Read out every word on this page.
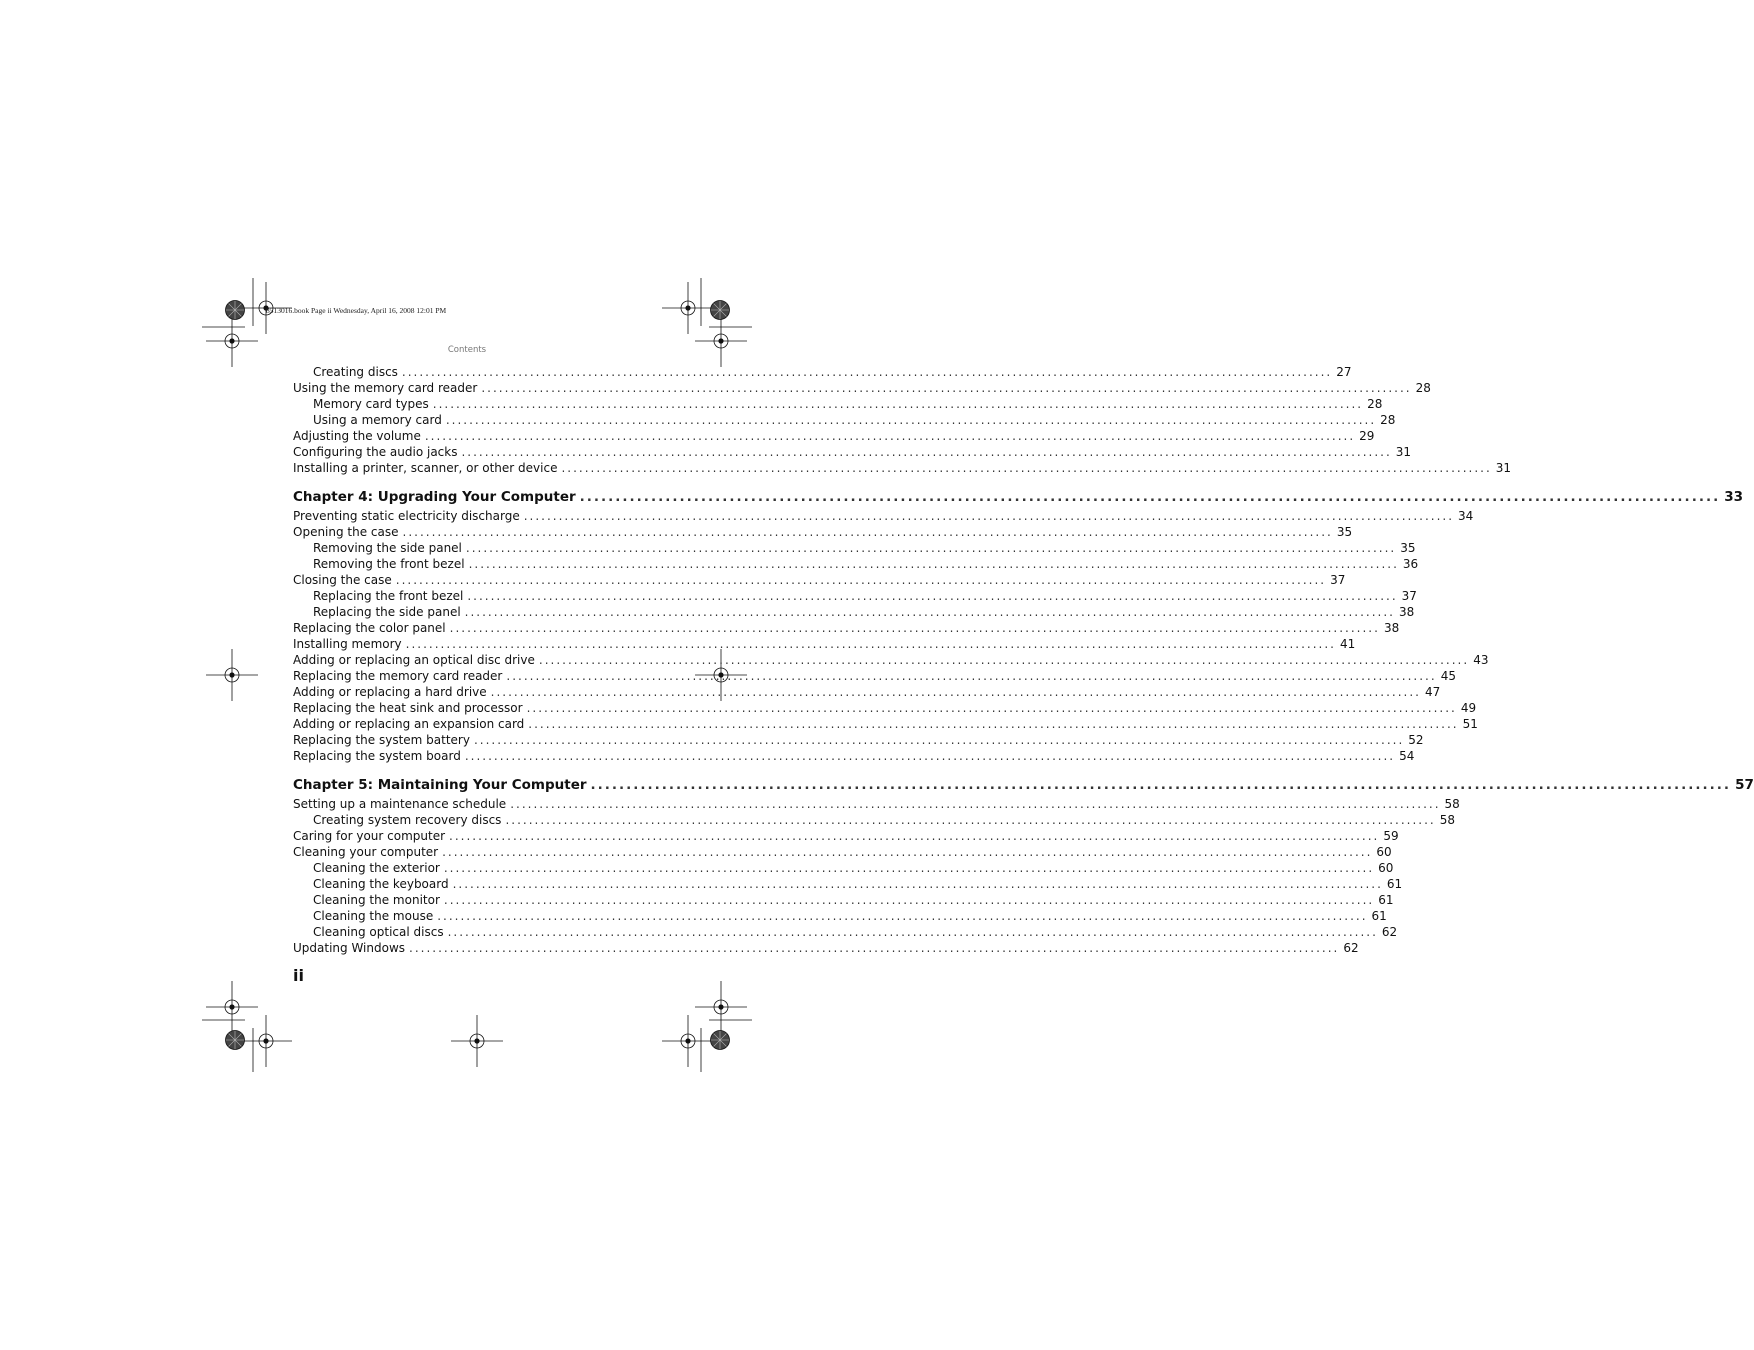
8513016.book Page ii Wednesday, April 16, 2008 12:01 PM
Contents
Creating discs ................................................................................................................................................................ 27
Using the memory card reader ................................................................................................................................................................ 28
Memory card types ................................................................................................................................................................ 28
Using a memory card ................................................................................................................................................................ 28
Adjusting the volume ................................................................................................................................................................ 29
Configuring the audio jacks ................................................................................................................................................................ 31
Installing a printer, scanner, or other device ................................................................................................................................................................ 31
Chapter 4: Upgrading Your Computer ................................................................................................................................................................ 33
Preventing static electricity discharge ................................................................................................................................................................ 34
Opening the case ................................................................................................................................................................ 35
Removing the side panel ................................................................................................................................................................ 35
Removing the front bezel ................................................................................................................................................................ 36
Closing the case ................................................................................................................................................................ 37
Replacing the front bezel ................................................................................................................................................................ 37
Replacing the side panel ................................................................................................................................................................ 38
Replacing the color panel ................................................................................................................................................................ 38
Installing memory ................................................................................................................................................................ 41
Adding or replacing an optical disc drive ................................................................................................................................................................ 43
Replacing the memory card reader ................................................................................................................................................................ 45
Adding or replacing a hard drive ................................................................................................................................................................ 47
Replacing the heat sink and processor ................................................................................................................................................................ 49
Adding or replacing an expansion card ................................................................................................................................................................ 51
Replacing the system battery ................................................................................................................................................................ 52
Replacing the system board ................................................................................................................................................................ 54
Chapter 5: Maintaining Your Computer ................................................................................................................................................................ 57
Setting up a maintenance schedule ................................................................................................................................................................ 58
Creating system recovery discs ................................................................................................................................................................ 58
Caring for your computer ................................................................................................................................................................ 59
Cleaning your computer ................................................................................................................................................................ 60
Cleaning the exterior ................................................................................................................................................................ 60
Cleaning the keyboard ................................................................................................................................................................ 61
Cleaning the monitor ................................................................................................................................................................ 61
Cleaning the mouse ................................................................................................................................................................ 61
Cleaning optical discs ................................................................................................................................................................ 62
Updating Windows ................................................................................................................................................................ 62
ii
